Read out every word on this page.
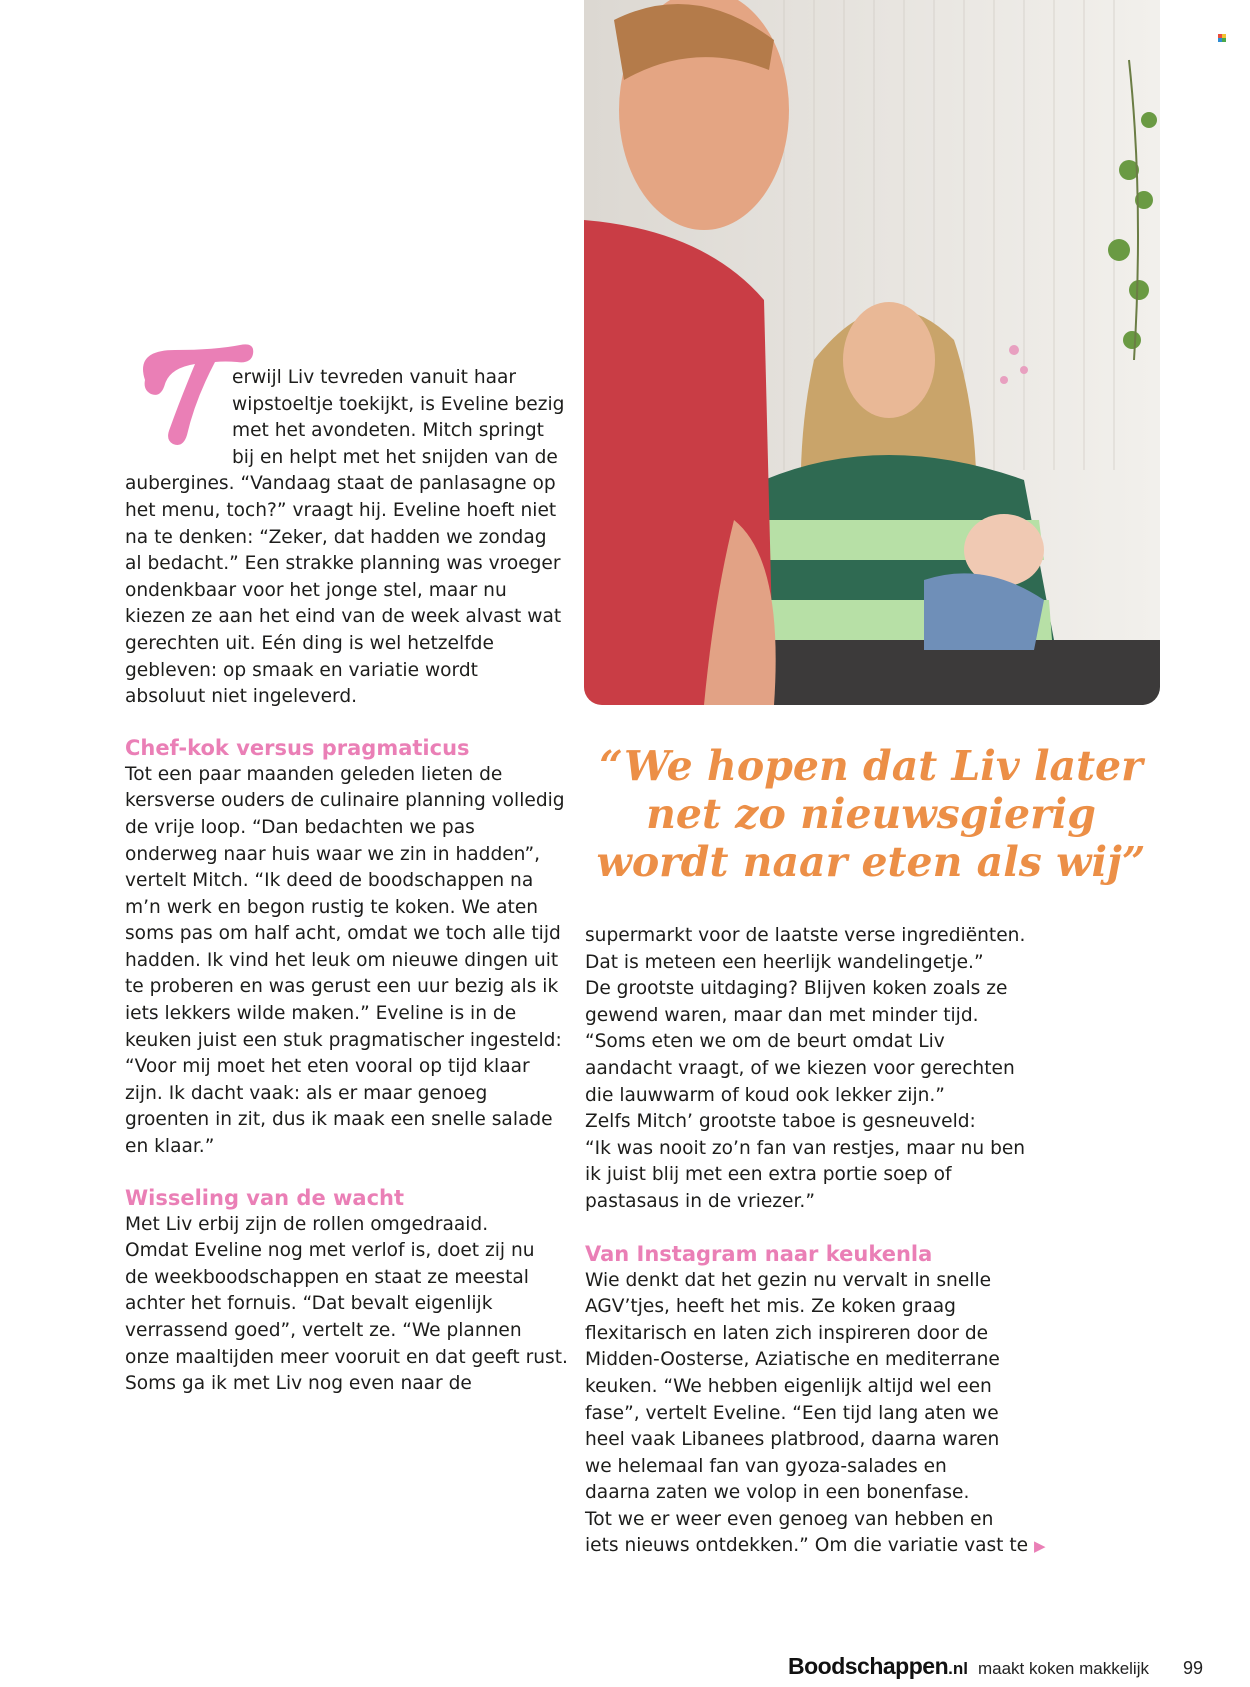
erwijl Liv tevreden vanuit haar

wipstoeltje toekijkt, is Eveline bezig

met het avondeten. Mitch springt

bij en helpt met het snijden van de

aubergines. “Vandaag staat de panlasagne op

het menu, toch?” vraagt hij. Eveline hoeft niet

na te denken: “Zeker, dat hadden we zondag

al bedacht.” Een strakke planning was vroeger

ondenkbaar voor het jonge stel, maar nu

kiezen ze aan het eind van de week alvast wat

gerechten uit. Eén ding is wel hetzelfde

gebleven: op smaak en variatie wordt

absoluut niet ingeleverd.

Chef-kok versus pragmaticus

Tot een paar maanden geleden lieten de

kersverse ouders de culinaire planning volledig

de vrije loop. “Dan bedachten we pas

onderweg naar huis waar we zin in hadden”,

vertelt Mitch. “Ik deed de boodschappen na

m’n werk en begon rustig te koken. We aten

soms pas om half acht, omdat we toch alle tijd

hadden. Ik vind het leuk om nieuwe dingen uit

te proberen en was gerust een uur bezig als ik

iets lekkers wilde maken.” Eveline is in de

keuken juist een stuk pragmatischer ingesteld:

“Voor mij moet het eten vooral op tijd klaar

zijn. Ik dacht vaak: als er maar genoeg

groenten in zit, dus ik maak een snelle salade

en klaar.”

Wisseling van de wacht

Met Liv erbij zijn de rollen omgedraaid.

Omdat Eveline nog met verlof is, doet zij nu

de weekboodschappen en staat ze meestal

achter het fornuis. “Dat bevalt eigenlijk

verrassend goed”, vertelt ze. “We plannen

onze maaltijden meer vooruit en dat geeft rust.

Soms ga ik met Liv nog even naar de

“We hopen dat Liv later
net zo nieuwsgierig
wordt naar eten als wij”

supermarkt voor de laatste verse ingrediënten.

Dat is meteen een heerlijk wandelingetje.”

De grootste uitdaging? Blijven koken zoals ze

gewend waren, maar dan met minder tijd.

“Soms eten we om de beurt omdat Liv

aandacht vraagt, of we kiezen voor gerechten

die lauwwarm of koud ook lekker zijn.”

Zelfs Mitch’ grootste taboe is gesneuveld:

“Ik was nooit zo’n fan van restjes, maar nu ben

ik juist blij met een extra portie soep of

pastasaus in de vriezer.”

Van Instagram naar keukenla

Wie denkt dat het gezin nu vervalt in snelle

AGV’tjes, heeft het mis. Ze koken graag

flexitarisch en laten zich inspireren door de

Midden-Oosterse, Aziatische en mediterrane

keuken. “We hebben eigenlijk altijd wel een

fase”, vertelt Eveline. “Een tijd lang aten we

heel vaak Libanees platbrood, daarna waren

we helemaal fan van gyoza-salades en

daarna zaten we volop in een bonenfase.

Tot we er weer even genoeg van hebben en

iets nieuws ontdekken.” Om die variatie vast te ▶

Boodschappen .nl maakt koken makkelijk 99
